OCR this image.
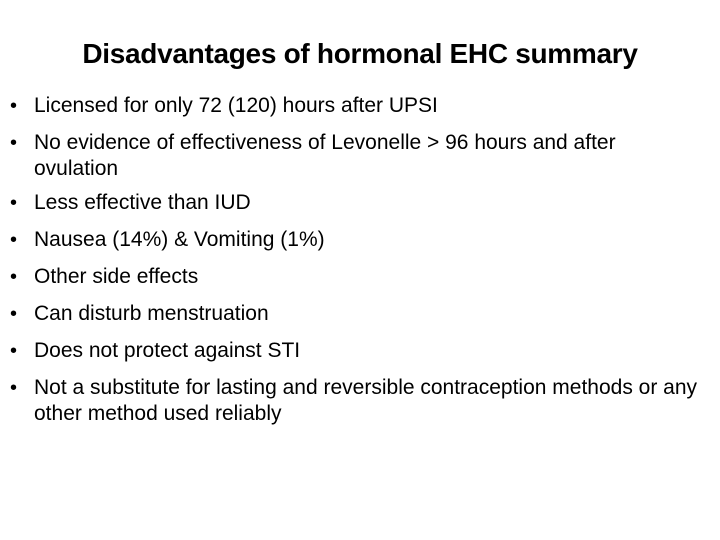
Disadvantages of hormonal EHC summary
• Licensed for only 72 (120) hours after UPSI
• No evidence of effectiveness of Levonelle > 96 hours and after ovulation
• Less effective than IUD
• Nausea (14%) & Vomiting (1%)
• Other side effects
• Can disturb menstruation
• Does not protect against STI
• Not a substitute for lasting and reversible contraception methods or any other method used reliably
